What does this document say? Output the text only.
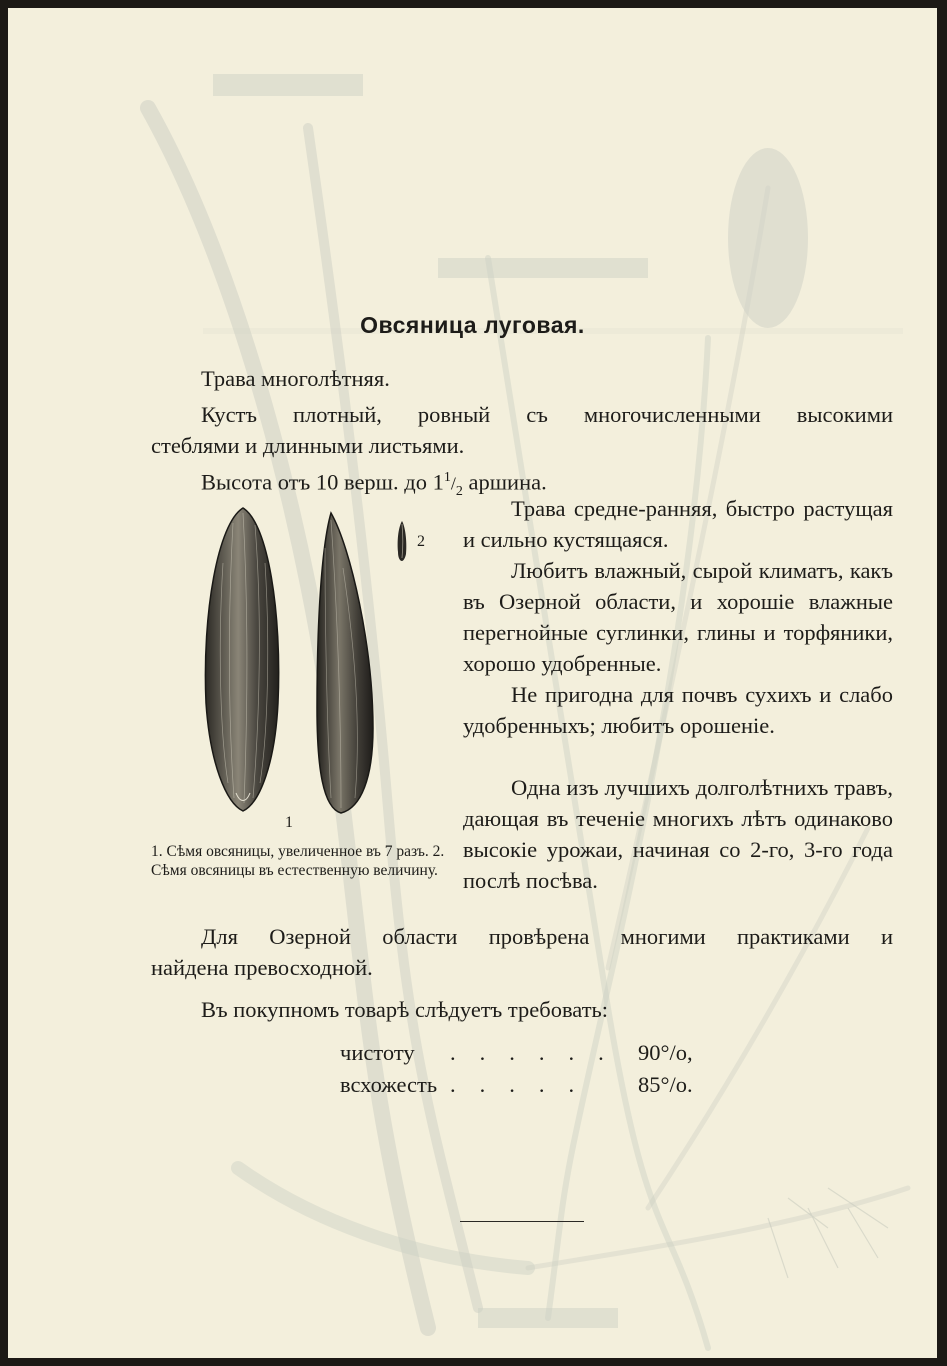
Овсяница луговая.
Трава многолѣтняя.
Кустъ плотный, ровный съ многочисленными высокими
стеблями и длинными листьями.
Высота отъ 10 верш. до $1^1/_2$ аршина.
Трава средне-ранняя, быстро растущая и сильно кустящаяся.
Любитъ влажный, сырой климатъ, какъ въ Озерной области, и хорошіе влажные перегнойные суглинки, глины и торфяники, хорошо удобренные.
Не пригодна для почвъ сухихъ и слабо удобренныхъ; любитъ орошеніе.
Одна изъ лучшихъ долголѣтнихъ травъ, дающая въ теченіе многихъ лѣтъ одинаково высокіе урожаи, начиная со 2-го, 3-го года послѣ посѣва.
2
1
1. Сѣмя овсяницы, увеличенное въ 7 разъ. 2. Сѣмя овсяницы въ естественную величину.
Для Озерной области провѣрена многими практиками и
найдена превосходной.
Въ покупномъ товарѣ слѣдуетъ требовать:
чистоту ...... 90°/o,
всхожесть ..... 85°/o.
